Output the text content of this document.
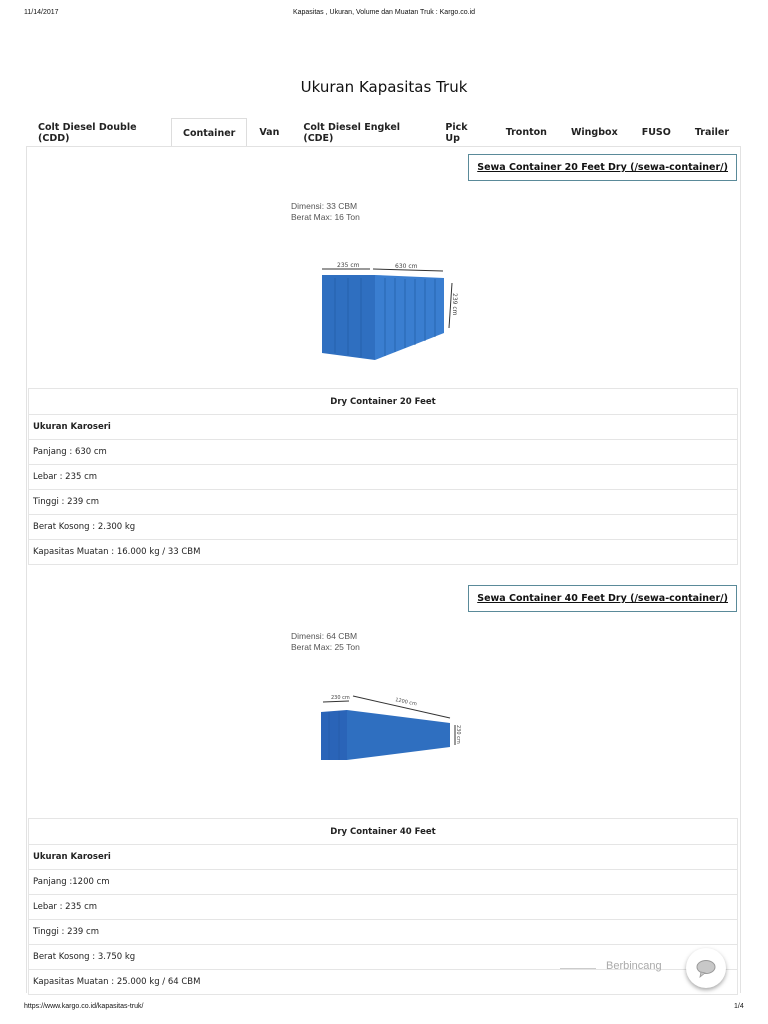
11/14/2017	Kapasitas , Ukuran, Volume dan Muatan Truk : Kargo.co.id
Ukuran Kapasitas Truk
Colt Diesel Double (CDD)	Container	Van	Colt Diesel Engkel (CDE)
Pick Up	Tronton	Wingbox	FUSO	Trailer
Sewa Container 20 Feet Dry (/sewa-container/)
Dimensi: 33 CBM
Berat Max: 16 Ton
235 cm	630 cm
239 cm
Dry Container 20 Feet
Ukuran Karoseri
Panjang : 630 cm
Lebar : 235 cm
Tinggi : 239 cm
Berat Kosong : 2.300 kg
Kapasitas Muatan : 16.000 kg / 33 CBM
Sewa Container 40 Feet Dry (/sewa-container/)
Dimensi: 64 CBM
Berat Max: 25 Ton
230 cm	1200 cm
230 cm
Dry Container 40 Feet
Ukuran Karoseri
Panjang :1200 cm
Lebar : 235 cm
Tinggi : 239 cm
Berat Kosong : 3.750 kg
Kapasitas Muatan : 25.000 kg / 64 CBM
Berbincang
https://www.kargo.co.id/kapasitas-truk/	1/4
